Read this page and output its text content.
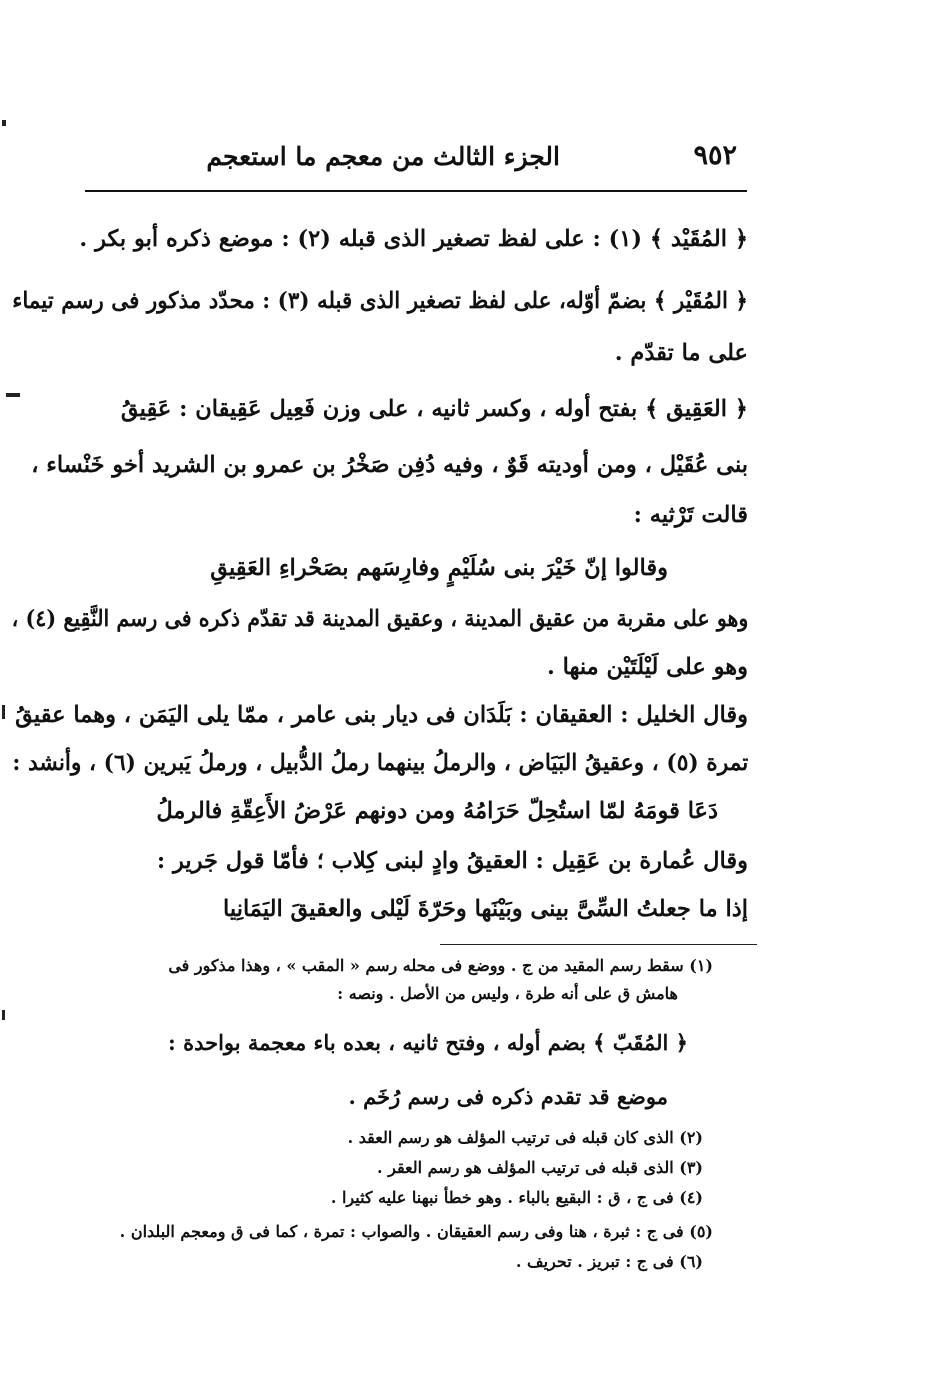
٩٥٢
الجزء الثالث من معجم ما استعجم
﴿ المُقَيْد ﴾ (١) : على لفظ تصغير الذى قبله (٢) : موضع ذكره أبو بكر .
﴿ المُقَيْر ﴾ بضمّ أوّله، على لفظ تصغير الذى قبله (٣) : محدّد مذكور فى رسم تيماء
على ما تقدّم .
﴿ العَقِيق ﴾ بفتح أوله ، وكسر ثانيه ، على وزن فَعِيل عَقِيقان : عَقِيقُ
بنى عُقَيْل ، ومن أوديته قَوٌ ، وفيه دُفِن صَخْرُ بن عمرو بن الشريد أخو خَنْساء ،
قالت تَرْثيه :
وقالوا إنّ خَيْرَ بنى سُلَيْمٍ وفارِسَهم بصَحْراءِ العَقِيقِ
وهو على مقربة من عقيق المدينة ، وعقيق المدينة قد تقدّم ذكره فى رسم النَّقِيع (٤) ،
وهو على لَيْلَتَيْن منها .
وقال الخليل : العقيقان : بَلَدَان فى ديار بنى عامر ، ممّا يلى اليَمَن ، وهما عقيقُ
تمرة (٥) ، وعقيقُ البَيَاض ، والرملُ بينهما رملُ الدُّبيل ، ورملُ يَبرين (٦) ، وأنشد :
دَعَا قومَهُ لمّا استُحِلّ حَرَامُهُ ومن دونهم عَرْضُ الأَعِقّةِ فالرملُ
وقال عُمارة بن عَقِيل : العقيقُ وادٍ لبنى كِلاب ؛ فأمّا قول جَرير :
إذا ما جعلتُ السِّىَّ بينى وبَيْنَها وحَرّةَ لَيْلى والعقيقَ اليَمَانِيا
(١) سقط رسم المقيد من ج . ووضع فى محله رسم « المقب » ، وهذا مذكور فى
هامش ق على أنه طرة ، وليس من الأصل . ونصه :
﴿ المُقَبّ ﴾ بضم أوله ، وفتح ثانيه ، بعده باء معجمة بواحدة :
موضع قد تقدم ذكره فى رسم رُخَم .
(٢) الذى كان قبله فى ترتيب المؤلف هو رسم العقد .
(٣) الذى قبله فى ترتيب المؤلف هو رسم العقر .
(٤) فى ج ، ق : البقيع بالباء . وهو خطأ نبهنا عليه كثيرا .
(٥) فى ج : ثبرة ، هنا وفى رسم العقيقان . والصواب : تمرة ، كما فى ق ومعجم البلدان .
(٦) فى ج : تبريز . تحريف .
